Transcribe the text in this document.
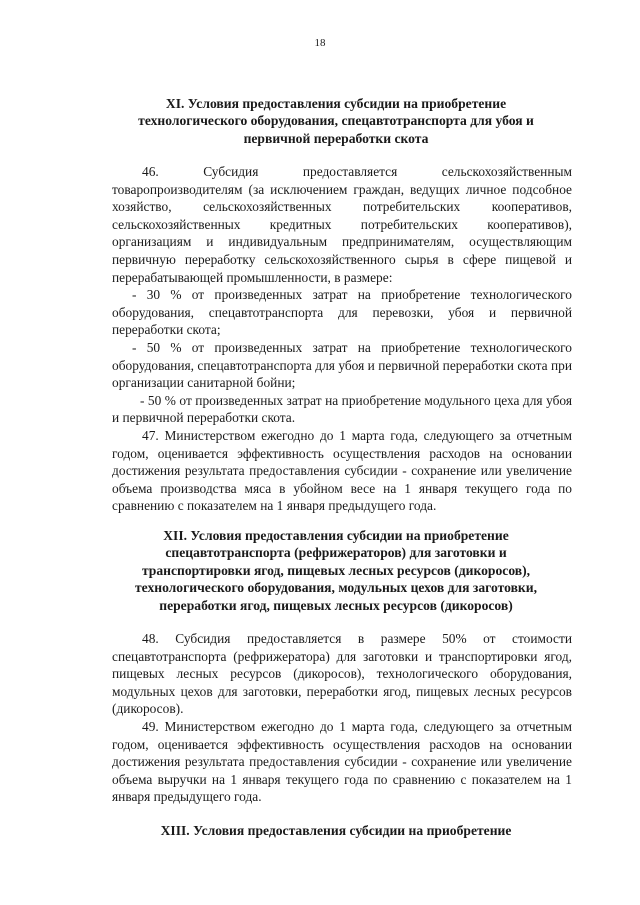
18
XI. Условия предоставления субсидии на приобретение
технологического оборудования, спецавтотранспорта для убоя и
первичной переработки скота

46. Субсидия предоставляется сельскохозяйственным товаропроизводителям (за исключением граждан, ведущих личное подсобное хозяйство, сельскохозяйственных потребительских кооперативов, сельскохозяйственных кредитных потребительских кооперативов), организациям и индивидуальным предпринимателям, осуществляющим первичную переработку сельскохозяйственного сырья в сфере пищевой и перерабатывающей промышленности, в размере:

- 30 % от произведенных затрат на приобретение технологического оборудования, спецавтотранспорта для перевозки, убоя и первичной переработки скота;

- 50 % от произведенных затрат на приобретение технологического оборудования, спецавтотранспорта для убоя и первичной переработки скота при организации санитарной бойни;

- 50 % от произведенных затрат на приобретение модульного цеха для убоя и первичной переработки скота.

47. Министерством ежегодно до 1 марта года, следующего за отчетным годом, оценивается эффективность осуществления расходов на основании достижения результата предоставления субсидии - сохранение или увеличение объема производства мяса в убойном весе на 1 января текущего года по сравнению с показателем на 1 января предыдущего года.

XII. Условия предоставления субсидии на приобретение
спецавтотранспорта (рефрижераторов) для заготовки и
транспортировки ягод, пищевых лесных ресурсов (дикоросов),
технологического оборудования, модульных цехов для заготовки,
переработки ягод, пищевых лесных ресурсов (дикоросов)

48. Субсидия предоставляется в размере 50% от стоимости спецавтотранспорта (рефрижератора) для заготовки и транспортировки ягод, пищевых лесных ресурсов (дикоросов), технологического оборудования, модульных цехов для заготовки, переработки ягод, пищевых лесных ресурсов (дикоросов).

49. Министерством ежегодно до 1 марта года, следующего за отчетным годом, оценивается эффективность осуществления расходов на основании достижения результата предоставления субсидии - сохранение или увеличение объема выручки на 1 января текущего года по сравнению с показателем на 1 января предыдущего года.

XIII. Условия предоставления субсидии на приобретение
